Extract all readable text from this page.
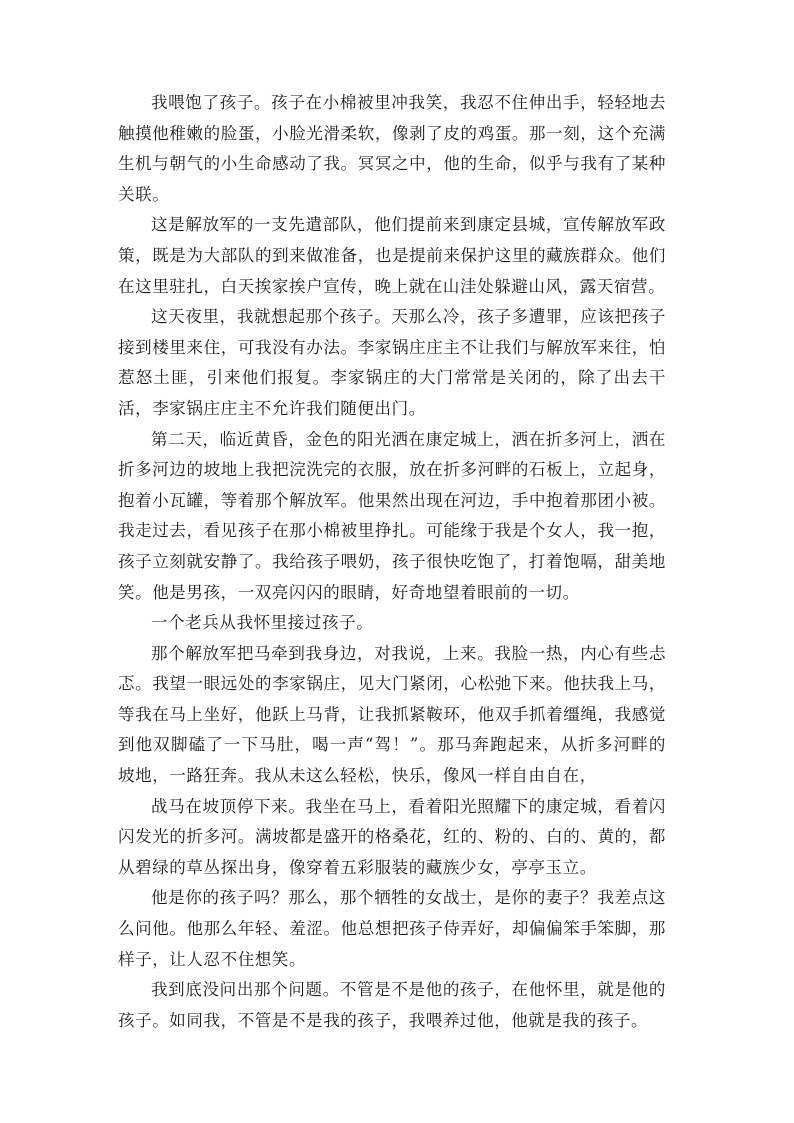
我喂饱了孩子。孩子在小棉被里冲我笑，我忍不住伸出手，轻轻地去触摸他稚嫩的脸蛋，小脸光滑柔软，像剥了皮的鸡蛋。那一刻，这个充满生机与朝气的小生命感动了我。冥冥之中，他的生命，似乎与我有了某种关联。

这是解放军的一支先遣部队，他们提前来到康定县城，宣传解放军政策，既是为大部队的到来做准备，也是提前来保护这里的藏族群众。他们在这里驻扎，白天挨家挨户宣传，晚上就在山洼处躲避山风，露天宿营。

这天夜里，我就想起那个孩子。天那么冷，孩子多遭罪，应该把孩子接到楼里来住，可我没有办法。李家锅庄庄主不让我们与解放军来往，怕惹怒土匪，引来他们报复。李家锅庄的大门常常是关闭的，除了出去干活，李家锅庄庄主不允许我们随便出门。

第二天，临近黄昏，金色的阳光洒在康定城上，洒在折多河上，洒在折多河边的坡地上我把浣洗完的衣服，放在折多河畔的石板上，立起身，抱着小瓦罐，等着那个解放军。他果然出现在河边，手中抱着那团小被。我走过去，看见孩子在那小棉被里挣扎。可能缘于我是个女人，我一抱，孩子立刻就安静了。我给孩子喂奶，孩子很快吃饱了，打着饱嗝，甜美地笑。他是男孩，一双亮闪闪的眼睛，好奇地望着眼前的一切。

一个老兵从我怀里接过孩子。

那个解放军把马牵到我身边，对我说，上来。我脸一热，内心有些忐忑。我望一眼远处的李家锅庄，见大门紧闭，心松弛下来。他扶我上马，等我在马上坐好，他跃上马背，让我抓紧鞍环，他双手抓着缰绳，我感觉到他双脚磕了一下马肚，喝一声“驾！”。那马奔跑起来，从折多河畔的坡地，一路狂奔。我从未这么轻松，快乐，像风一样自由自在，

战马在坡顶停下来。我坐在马上，看着阳光照耀下的康定城，看着闪闪发光的折多河。满坡都是盛开的格桑花，红的、粉的、白的、黄的，都从碧绿的草丛探出身，像穿着五彩服装的藏族少女，亭亭玉立。

他是你的孩子吗？那么，那个牺牲的女战士，是你的妻子？我差点这么问他。他那么年轻、羞涩。他总想把孩子侍弄好，却偏偏笨手笨脚，那样子，让人忍不住想笑。

我到底没问出那个问题。不管是不是他的孩子，在他怀里，就是他的孩子。如同我，不管是不是我的孩子，我喂养过他，他就是我的孩子。
